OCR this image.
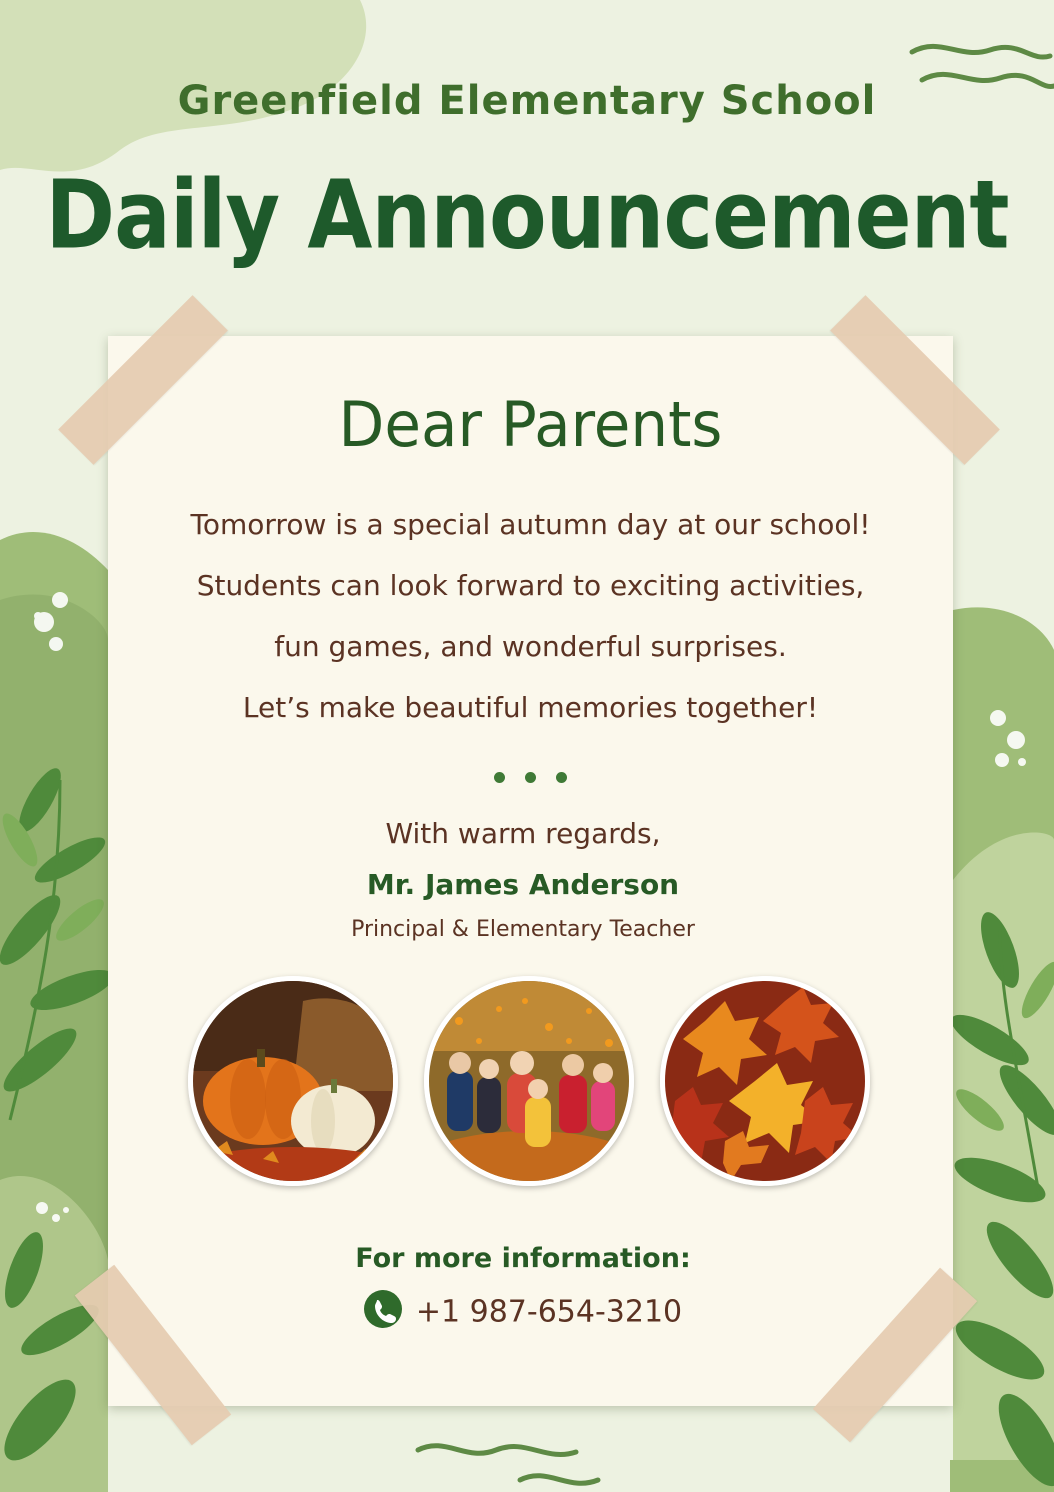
Greenfield Elementary School
Daily Announcement
Dear Parents
Tomorrow is a special autumn day at our school!
Students can look forward to exciting activities,
fun games, and wonderful surprises.
Let’s make beautiful memories together!
With warm regards,
Mr. James Anderson
Principal & Elementary Teacher
For more information:
+1 987-654-3210
